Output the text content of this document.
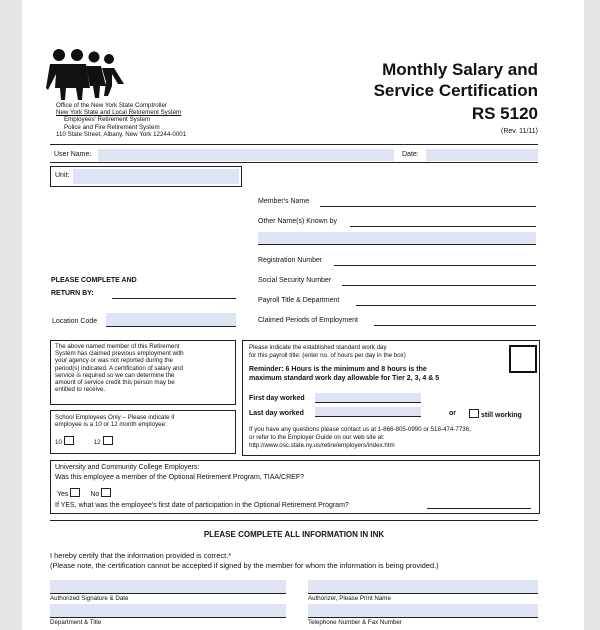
Office of the New York State Comptroller
New York State and Local Retirement System
Employees' Retirement System
Police and Fire Retirement System
110 State Street, Albany, New York 12244-0001
Monthly Salary and
Service Certification
RS 5120
(Rev. 11/11)
User Name:	Date:
Unit:
Member's Name
Other Name(s) Known by
Registration Number
Social Security Number
Payroll Title & Department
Claimed Periods of Employment
PLEASE COMPLETE AND
RETURN BY:
Location Code
The above named member of this Retirement
System has claimed previous employment with
your agency or was not reported during the
period(s) indicated. A certification of salary and
service is required so we can determine the
amount of service credit this person may be
entitled to receive.
School Employees Only – Please indicate if
employee is a 10 or 12 month employee:
10	12
Please indicate the established standard work day
for this payroll title: (enter no. of hours per day in the box)
Reminder: 6 Hours is the minimum and 8 hours is the
maximum standard work day allowable for Tier 2, 3, 4 & 5
First day worked
Last day worked	or	still working
If you have any questions please contact us at 1-866-805-0990 or 518-474-7736,
or refer to the Employer Guide on our web site at:
http://www.osc.state.ny.us/retire/employers/index.htm
University and Community College Employers:
Was this employee a member of the Optional Retirement Program, TIAA/CREF?
Yes	No
If YES, what was the employee's first date of participation in the Optional Retirement Program?
PLEASE COMPLETE ALL INFORMATION IN INK
I hereby certify that the information provided is correct.*
(Please note, the certification cannot be accepted if signed by the member for whom the information is being provided.)
Authorized Signature & Date	Authorizer, Please Print Name
Department & Title	Telephone Number & Fax Number
